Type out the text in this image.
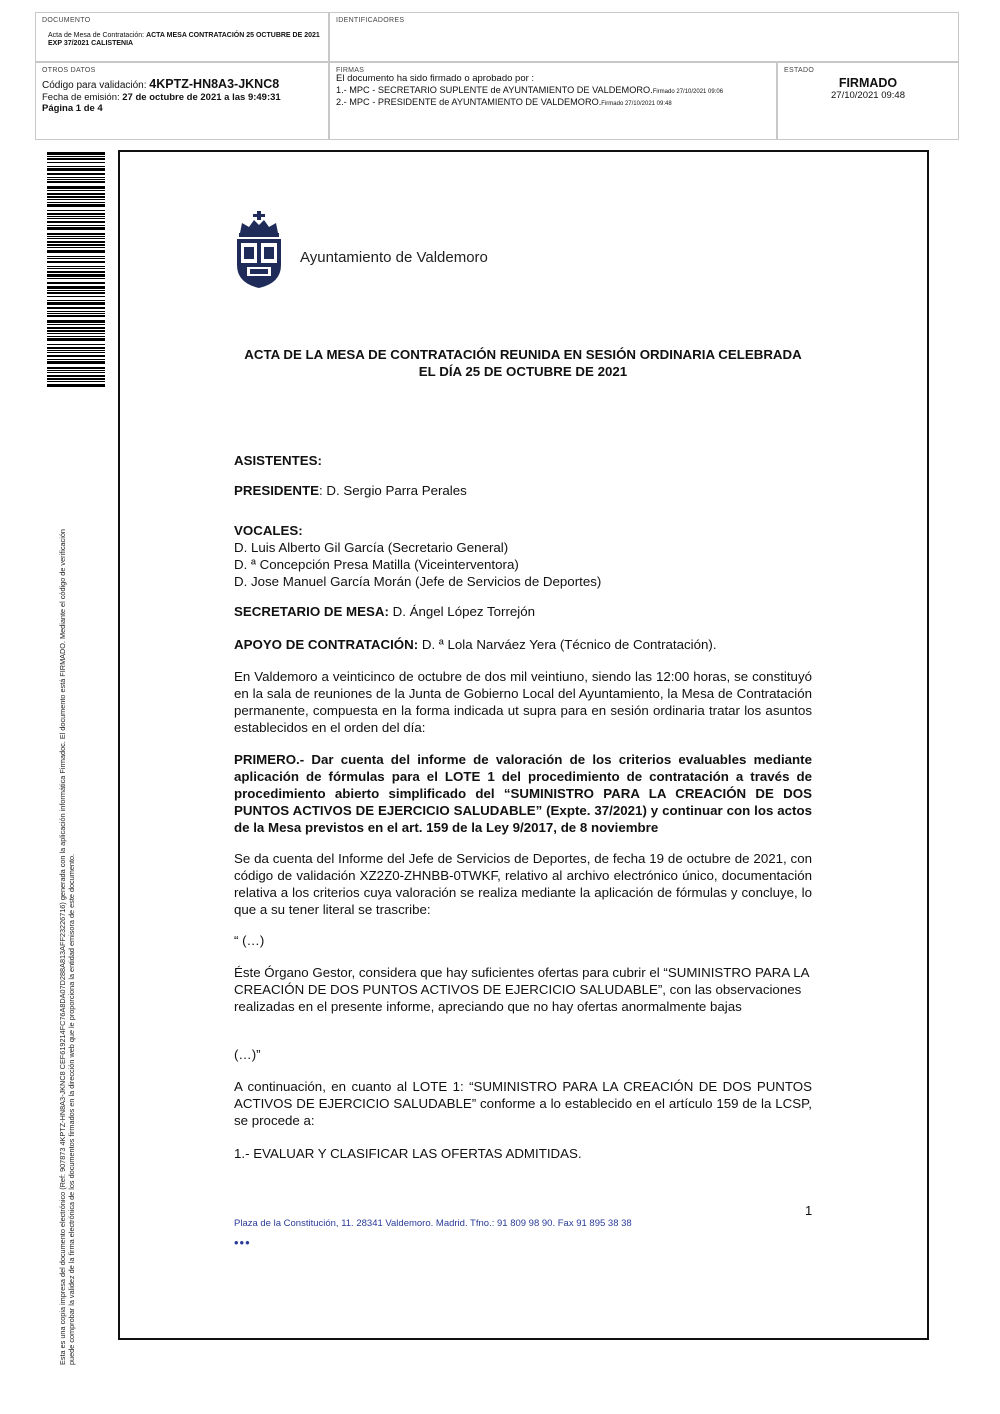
DOCUMENTO
Acta de Mesa de Contratación: ACTA MESA CONTRATACIÓN 25 OCTUBRE DE 2021 EXP 37/2021 CALISTENIA
IDENTIFICADORES
OTROS DATOS
Código para validación: 4KPTZ-HN8A3-JKNC8
Fecha de emisión: 27 de octubre de 2021 a las 9:49:31
Página 1 de 4
FIRMAS
El documento ha sido firmado o aprobado por :
1.- MPC - SECRETARIO SUPLENTE de AYUNTAMIENTO DE VALDEMORO.Firmado 27/10/2021 09:06
2.- MPC - PRESIDENTE de AYUNTAMIENTO DE VALDEMORO.Firmado 27/10/2021 09:48
ESTADO
FIRMADO
27/10/2021 09:48
Esta es una copia impresa del documento electrónico (Ref: 907873 4KPTZ-HN8A3-JKNC8 CEF619214FC76A8DA07D288A813AFF23226716) generada con la aplicación informática Firmadoc. El documento está FIRMADO. Mediante el código de verificación puede comprobar la validez de la firma electrónica de los documentos firmados en la dirección web que le proporciona la entidad emisora de este documento.
Ayuntamiento de Valdemoro
ACTA DE LA MESA DE CONTRATACIÓN REUNIDA EN SESIÓN ORDINARIA CELEBRADA
EL DÍA 25 DE OCTUBRE DE 2021
ASISTENTES:
PRESIDENTE: D. Sergio Parra Perales
VOCALES:
D. Luis Alberto Gil García (Secretario General)
D. ª Concepción Presa Matilla (Viceinterventora)
D. Jose Manuel García Morán (Jefe de Servicios de Deportes)
SECRETARIO DE MESA: D. Ángel López Torrejón
APOYO DE CONTRATACIÓN: D. ª Lola Narváez Yera (Técnico de Contratación).
En Valdemoro a veinticinco de octubre de dos mil veintiuno, siendo las 12:00 horas, se constituyó en la sala de reuniones de la Junta de Gobierno Local del Ayuntamiento, la Mesa de Contratación permanente, compuesta en la forma indicada ut supra para en sesión ordinaria tratar los asuntos establecidos en el orden del día:
PRIMERO.- Dar cuenta del informe de valoración de los criterios evaluables mediante aplicación de fórmulas para el LOTE 1 del procedimiento de contratación a través de procedimiento abierto simplificado del “SUMINISTRO PARA LA CREACIÓN DE DOS PUNTOS ACTIVOS DE EJERCICIO SALUDABLE” (Expte. 37/2021) y continuar con los actos de la Mesa previstos en el art. 159 de la Ley 9/2017, de 8 noviembre
Se da cuenta del Informe del Jefe de Servicios de Deportes, de fecha 19 de octubre de 2021, con código de validación XZ2Z0-ZHNBB-0TWKF, relativo al archivo electrónico único, documentación relativa a los criterios cuya valoración se realiza mediante la aplicación de fórmulas y concluye, lo que a su tener literal se trascribe:
“ (…)
Éste Órgano Gestor, considera que hay suficientes ofertas para cubrir el “SUMINISTRO PARA LA CREACIÓN DE DOS PUNTOS ACTIVOS DE EJERCICIO SALUDABLE”, con las observaciones realizadas en el presente informe, apreciando que no hay ofertas anormalmente bajas
(…)”
A continuación, en cuanto al LOTE 1: “SUMINISTRO PARA LA CREACIÓN DE DOS PUNTOS ACTIVOS DE EJERCICIO SALUDABLE” conforme a lo establecido en el artículo 159 de la LCSP, se procede a:
1.- EVALUAR Y CLASIFICAR LAS OFERTAS ADMITIDAS.
1
Plaza de la Constitución, 11. 28341 Valdemoro. Madrid. Tfno.: 91 809 98 90. Fax 91 895 38 38
•••
